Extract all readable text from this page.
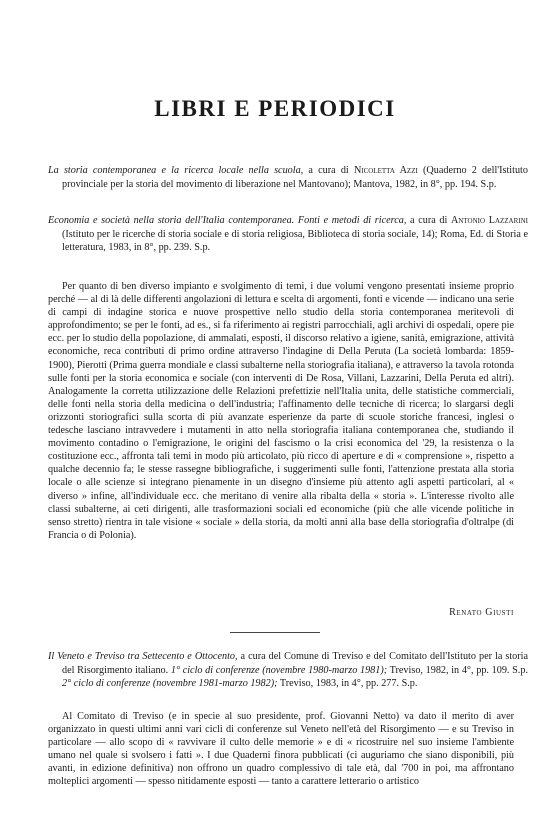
LIBRI E PERIODICI
La storia contemporanea e la ricerca locale nella scuola, a cura di Nicoletta Azzi (Quaderno 2 dell'Istituto provinciale per la storia del movimento di liberazione nel Mantovano); Mantova, 1982, in 8°, pp. 194. S.p.
Economia e società nella storia dell'Italia contemporanea. Fonti e metodi di ricerca, a cura di Antonio Lazzarini (Istituto per le ricerche di storia sociale e di storia religiosa, Biblioteca di storia sociale, 14); Roma, Ed. di Storia e letteratura, 1983, in 8°, pp. 239. S.p.

Per quanto di ben diverso impianto e svolgimento di temi, i due volumi vengono presentati insieme proprio perché — al di là delle differenti angolazioni di lettura e scelta di argomenti, fonti e vicende — indicano una serie di campi di indagine storica e nuove prospettive nello studio della storia contemporanea meritevoli di approfondimento; se per le fonti, ad es., si fa riferimento ai registri parrocchiali, agli archivi di ospedali, opere pie ecc. per lo studio della popolazione, di ammalati, esposti, il discorso relativo a igiene, sanità, emigrazione, attività economiche, reca contributi di primo ordine attraverso l'indagine di Della Peruta (La società lombarda: 1859-1900), Pierotti (Prima guerra mondiale e classi subalterne nella storiografia italiana), e attraverso la tavola rotonda sulle fonti per la storia economica e sociale (con interventi di De Rosa, Villani, Lazzarini, Della Peruta ed altri). Analogamente la corretta utilizzazione delle Relazioni prefettizie nell'Italia unita, delle statistiche commerciali, delle fonti nella storia della medicina o dell'industria; l'affinamento delle tecniche di ricerca; lo slargarsi degli orizzonti storiografici sulla scorta di più avanzate esperienze da parte di scuole storiche francesi, inglesi o tedesche lasciano intravvedere i mutamenti in atto nella storiografia italiana contemporanea che, studiando il movimento contadino o l'emigrazione, le origini del fascismo o la crisi economica del '29, la resistenza o la costituzione ecc., affronta tali temi in modo più articolato, più ricco di aperture e di « comprensione », rispetto a qualche decennio fa; le stesse rassegne bibliografiche, i suggerimenti sulle fonti, l'attenzione prestata alla storia locale o alle scienze si integrano pienamente in un disegno d'insieme più attento agli aspetti particolari, al « diverso » infine, all'individuale ecc. che meritano di venire alla ribalta della « storia ». L'interesse rivolto alle classi subalterne, ai ceti dirigenti, alle trasformazioni sociali ed economiche (più che alle vicende politiche in senso stretto) rientra in tale visione « sociale » della storia, da molti anni alla base della storiografia d'oltralpe (di Francia o di Polonia).

Renato Giusti
Il Veneto e Treviso tra Settecento e Ottocento, a cura del Comune di Treviso e del Comitato dell'Istituto per la storia del Risorgimento italiano. 1° ciclo di conferenze (novembre 1980-marzo 1981); Treviso, 1982, in 4°, pp. 109. S.p. 2° ciclo di conferenze (novembre 1981-marzo 1982); Treviso, 1983, in 4°, pp. 277. S.p.

Al Comitato di Treviso (e in specie al suo presidente, prof. Giovanni Netto) va dato il merito di aver organizzato in questi ultimi anni vari cicli di conferenze sul Veneto nell'età del Risorgimento — e su Treviso in particolare — allo scopo di « ravvivare il culto delle memorie » e di « ricostruire nel suo insieme l'ambiente umano nel quale si svolsero i fatti ». I due Quaderni finora pubblicati (ci auguriamo che siano disponibili, più avanti, in edizione definitiva) non offrono un quadro complessivo di tale età, dal '700 in poi, ma affrontano molteplici argomenti — spesso nitidamente esposti — tanto a carattere letterario o artistico
